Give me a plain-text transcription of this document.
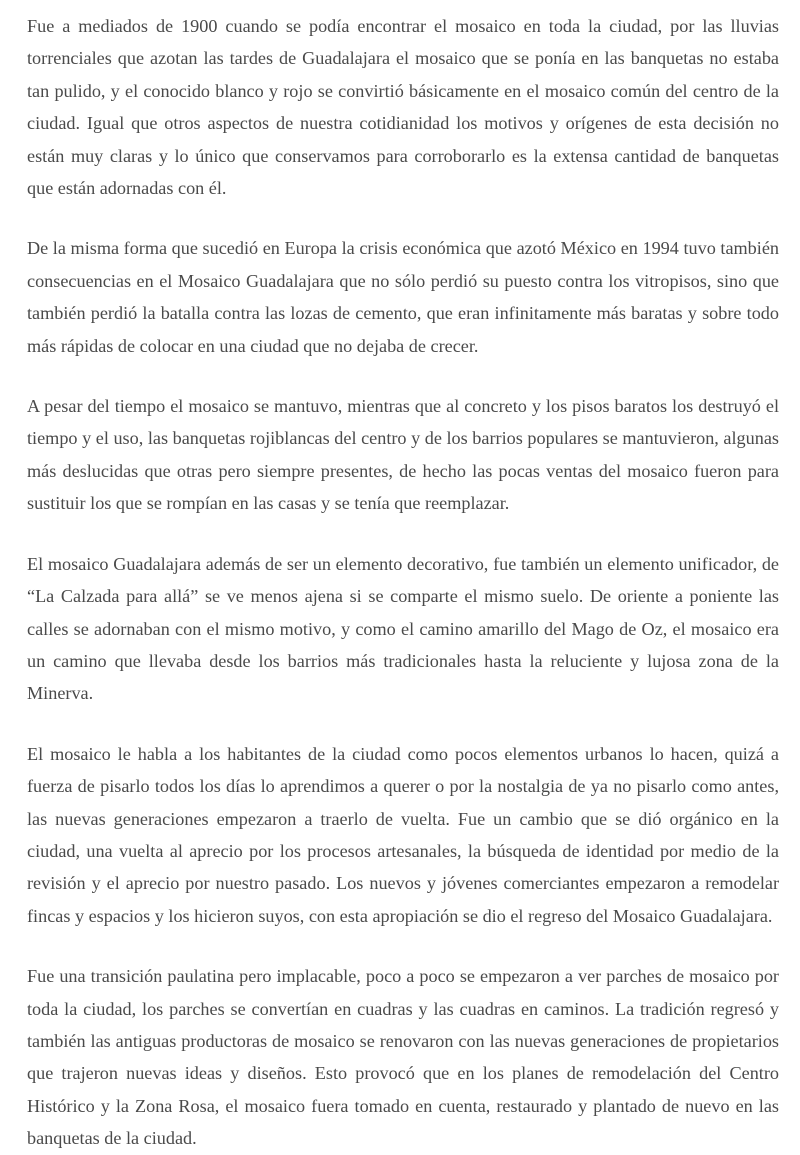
Fue a mediados de 1900 cuando se podía encontrar el mosaico en toda la ciudad, por las lluvias torrenciales que azotan las tardes de Guadalajara el mosaico que se ponía en las banquetas no estaba tan pulido, y el conocido blanco y rojo se convirtió básicamente en el mosaico común del centro de la ciudad. Igual que otros aspectos de nuestra cotidianidad los motivos y orígenes de esta decisión no están muy claras y lo único que conservamos para corroborarlo es la extensa cantidad de banquetas que están adornadas con él.

De la misma forma que sucedió en Europa la crisis económica que azotó México en 1994 tuvo también consecuencias en el Mosaico Guadalajara que no sólo perdió su puesto contra los vitropisos, sino que también perdió la batalla contra las lozas de cemento, que eran infinitamente más baratas y sobre todo más rápidas de colocar en una ciudad que no dejaba de crecer.

A pesar del tiempo el mosaico se mantuvo, mientras que al concreto y los pisos baratos los destruyó el tiempo y el uso, las banquetas rojiblancas del centro y de los barrios populares se mantuvieron, algunas más deslucidas que otras pero siempre presentes, de hecho las pocas ventas del mosaico fueron para sustituir los que se rompían en las casas y se tenía que reemplazar.

El mosaico Guadalajara además de ser un elemento decorativo, fue también un elemento unificador, de “La Calzada para allá” se ve menos ajena si se comparte el mismo suelo. De oriente a poniente las calles se adornaban con el mismo motivo, y como el camino amarillo del Mago de Oz, el mosaico era un camino que llevaba desde los barrios más tradicionales hasta la reluciente y lujosa zona de la Minerva.

El mosaico le habla a los habitantes de la ciudad como pocos elementos urbanos lo hacen, quizá a fuerza de pisarlo todos los días lo aprendimos a querer o por la nostalgia de ya no pisarlo como antes, las nuevas generaciones empezaron a traerlo de vuelta. Fue un cambio que se dió orgánico en la ciudad, una vuelta al aprecio por los procesos artesanales, la búsqueda de identidad por medio de la revisión y el aprecio por nuestro pasado. Los nuevos y jóvenes comerciantes empezaron a remodelar fincas y espacios y los hicieron suyos, con esta apropiación se dio el regreso del Mosaico Guadalajara.

Fue una transición paulatina pero implacable, poco a poco se empezaron a ver parches de mosaico por toda la ciudad, los parches se convertían en cuadras y las cuadras en caminos. La tradición regresó y también las antiguas productoras de mosaico se renovaron con las nuevas generaciones de propietarios que trajeron nuevas ideas y diseños. Esto provocó que en los planes de remodelación del Centro Histórico y la Zona Rosa, el mosaico fuera tomado en cuenta, restaurado y plantado de nuevo en las banquetas de la ciudad.
